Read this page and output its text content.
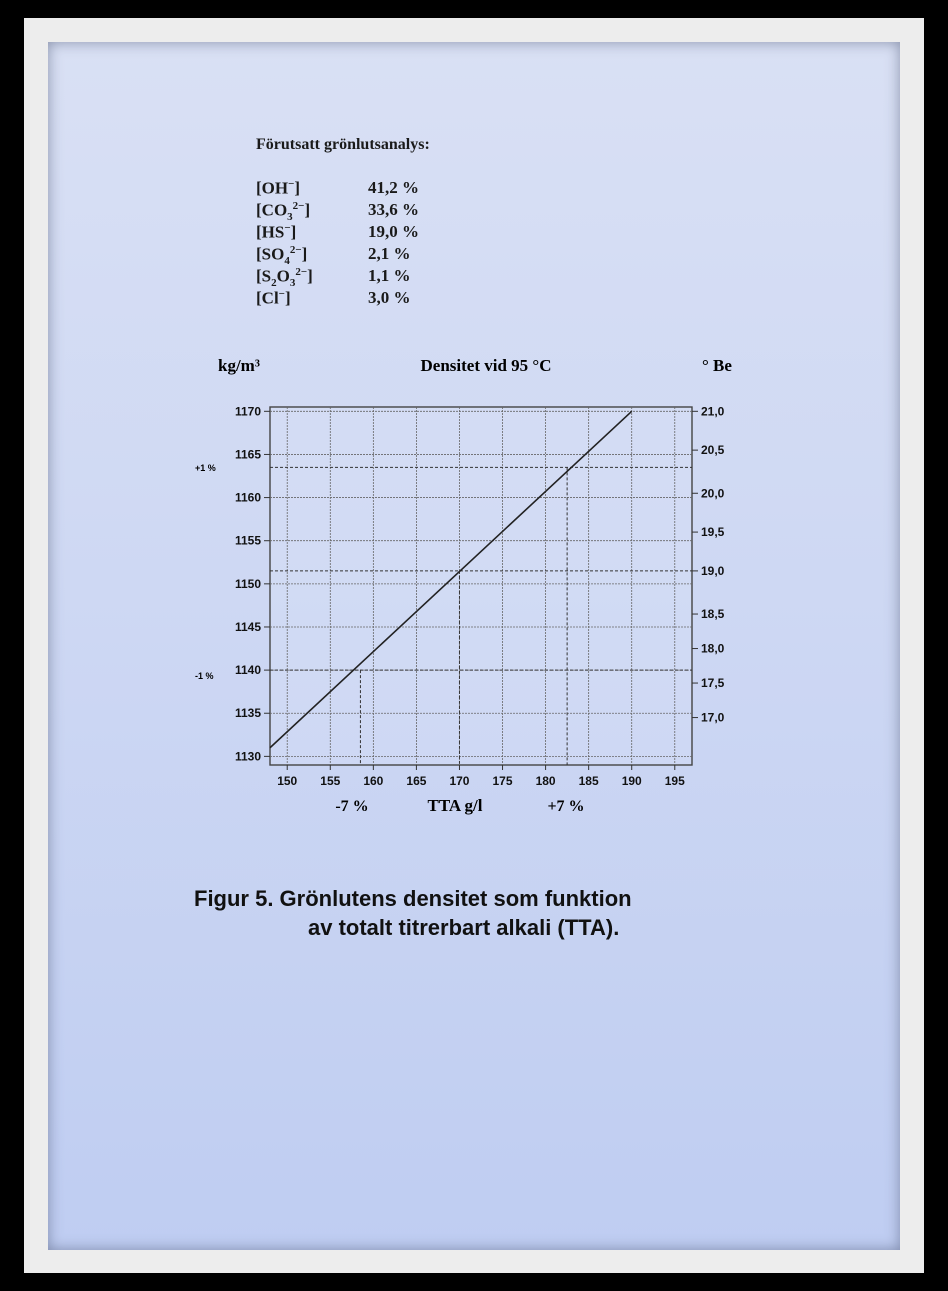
Förutsatt grönlutsanalys:
[OH−]	41,2 %
$[CO_3^{2-}]$	33,6 %
[HS−]	19,0 %
$[SO_4^{2-}]$	2,1 %
$[S_2O_3^{2-}]$	1,1 %
[Cl−]	3,0 %
kg/m³	Densitet vid 95 °C	° Be
1130
1135
1140
1145
1150
1155
1160
1165
1170	21,0
20,5
20,0
19,5
19,0
18,5
18,0
17,5
17,0
150 155 160 165 170 175 180 185 190 195
-7 %	TTA g/l	+7 %
+1 %
-1 %
Figur 5. Grönlutens densitet som funktion
av totalt titrerbart alkali (TTA).
